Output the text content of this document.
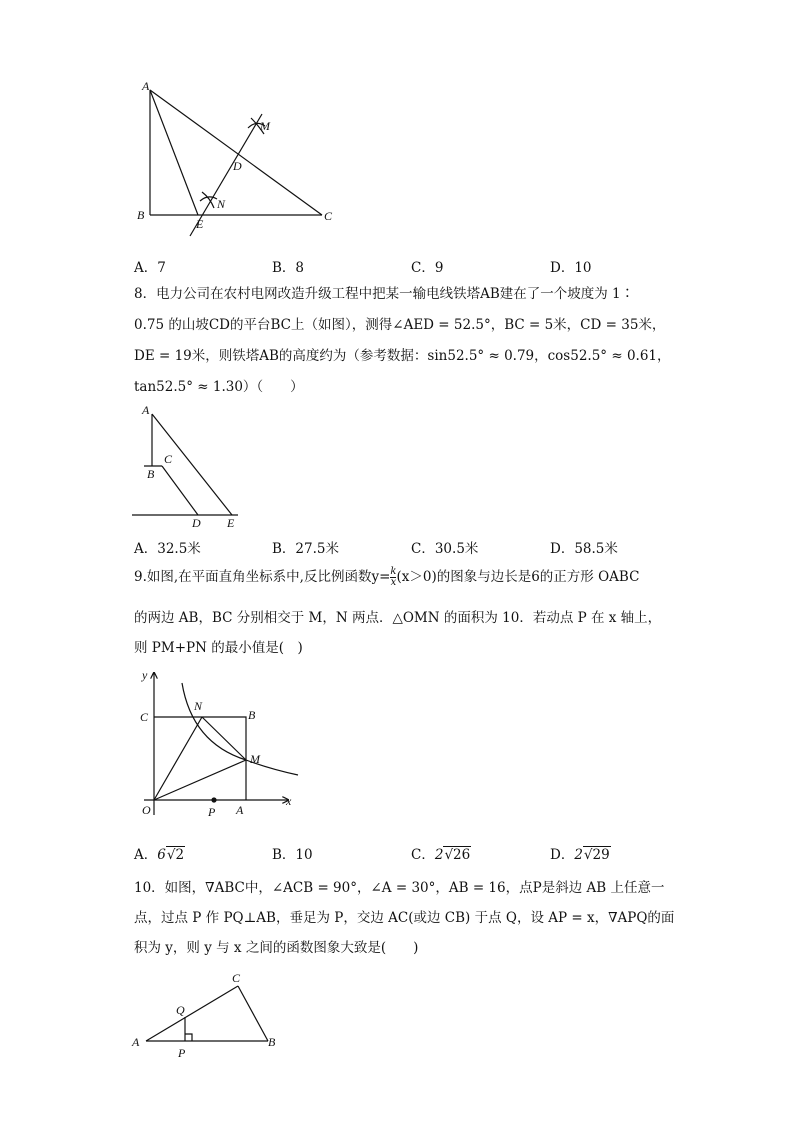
A
B	C
D
E
M
N
A．7	B．8	C．9	D．10
8．电力公司在农村电网改造升级工程中把某一输电线铁塔AB建在了一个坡度为 1∶
0.75 的山坡CD的平台BC上（如图），测得∠AED = 52.5°，BC = 5米，CD = 35米，
DE = 19米，则铁塔AB的高度约为（参考数据：sin52.5° ≈ 0.79，cos52.5° ≈ 0.61，
tan52.5° ≈ 1.30）（　　）
A
C
B
D E
A．32.5米	B．27.5米	C．30.5米	D．58.5米
9.如图,在平面直角坐标系中,反比例函数$y= \frac{k}{x} (x>0)$的图象与边长是6的正方形 OABC
的两边 AB，BC 分别相交于 M，N 两点．△OMN 的面积为 10．若动点 P 在 x 轴上，
则 PM+PN 的最小值是(　)
y
C
N
B
M
O	P A
x
A．6√2	B．10	C．2√26	D．2√29
10．如图，∇ABC中，∠ACB = 90°，∠A = 30°，AB = 16，点P是斜边 AB 上任意一
点，过点 P 作 PQ⊥AB，垂足为 P，交边 AC(或边 CB) 于点 Q，设 AP = x，∇APQ的面
积为 y，则 y 与 x 之间的函数图象大致是(　　)
C
Q
A
P
B
